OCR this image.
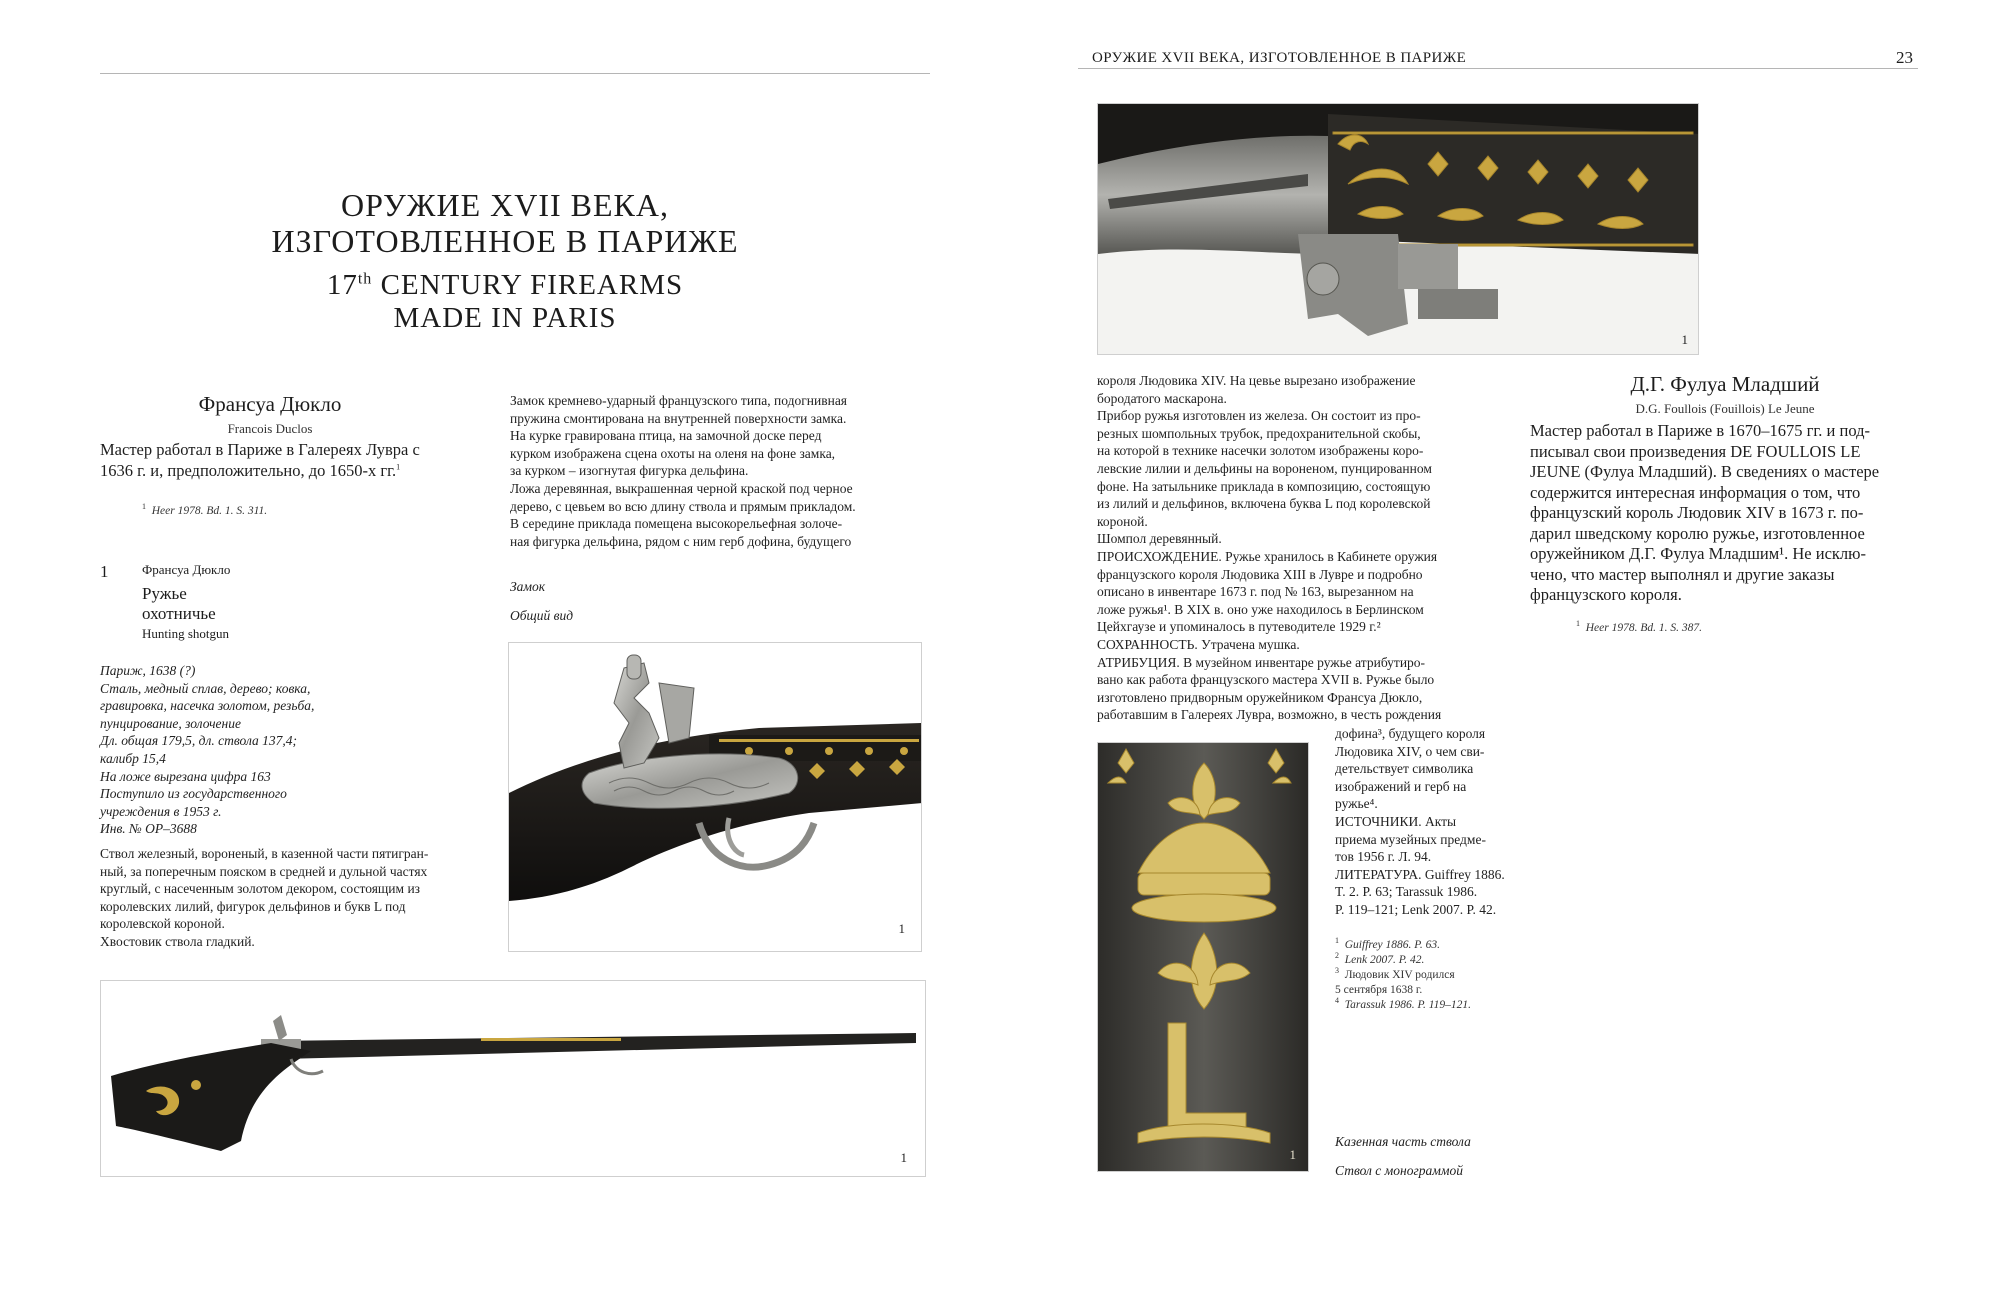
ОРУЖИЕ XVII ВЕКА, ИЗГОТОВЛЕННОЕ В ПАРИЖЕ	23
ОРУЖИЕ XVII ВЕКА,
ИЗГОТОВЛЕННОЕ В ПАРИЖЕ
17th CENTURY FIREARMS
MADE IN PARIS
Франсуа Дюкло
Francois Duclos
Мастер работал в Париже в Галереях Лувра с 1636 г. и, предположительно, до 1650-х гг.$^1$
$^1$ Heer 1978. Bd. 1. S. 311.
1	Франсуа Дюкло
Ружье
охотничье
Hunting shotgun
Париж, 1638 (?)
Сталь, медный сплав, дерево; ковка,
гравировка, насечка золотом, резьба,
пунцирование, золочение
Дл. общая 179,5, дл. ствола 137,4;
калибр 15,4
На ложе вырезана цифра 163
Поступило из государственного
учреждения в 1953 г.
Инв. № ОР–3688
Ствол железный, вороненый, в казенной части пятигран-
ный, за поперечным пояском в средней и дульной частях
круглый, с насеченным золотом декором, состоящим из
королевских лилий, фигурок дельфинов и букв L под
королевской короной.
Хвостовик ствола гладкий.
Замок кремнево-ударный французского типа, подогнивная
пружина смонтирована на внутренней поверхности замка.
На курке гравирована птица, на замочной доске перед
курком изображена сцена охоты на оленя на фоне замка,
за курком – изогнутая фигурка дельфина.
Ложа деревянная, выкрашенная черной краской под черное
дерево, с цевьем во всю длину ствола и прямым прикладом.
В середине приклада помещена высокорельефная золоче-
ная фигурка дельфина, рядом с ним герб дофина, будущего
Замок
Общий вид
1
1
1
короля Людовика XIV. На цевье вырезано изображение
бородатого маскарона.
Прибор ружья изготовлен из железа. Он состоит из про-
резных шомпольных трубок, предохранительной скобы,
на которой в технике насечки золотом изображены коро-
левские лилии и дельфины на вороненом, пунцированном
фоне. На затыльнике приклада в композицию, состоящую
из лилий и дельфинов, включена буква L под королевской
короной.
Шомпол деревянный.
ПРОИСХОЖДЕНИЕ. Ружье хранилось в Кабинете оружия
французского короля Людовика XIII в Лувре и подробно
описано в инвентаре 1673 г. под № 163, вырезанном на
ложе ружья¹. В XIX в. оно уже находилось в Берлинском
Цейхгаузе и упоминалось в путеводителе 1929 г.²
СОХРАННОСТЬ. Утрачена мушка.
АТРИБУЦИЯ. В музейном инвентаре ружье атрибутиро-
вано как работа французского мастера XVII в. Ружье было
изготовлено придворным оружейником Франсуа Дюкло,
работавшим в Галереях Лувра, возможно, в честь рождения
1
дофина³, будущего короля
Людовика XIV, о чем сви-
детельствует символика
изображений и герб на
ружье⁴.
ИСТОЧНИКИ. Акты
приема музейных предме-
тов 1956 г. Л. 94.
ЛИТЕРАТУРА. Guiffrey 1886.
T. 2. P. 63; Tarassuk 1986.
P. 119–121; Lenk 2007. P. 42.
$^1$ Guiffrey 1886. P. 63.
$^2$ Lenk 2007. P. 42.
$^3$ Людовик XIV родился
5 сентября 1638 г.
$^4$ Tarassuk 1986. P. 119–121.
Казенная часть ствола
Ствол с монограммой
Д.Г. Фулуа Младший
D.G. Foullois (Fouillois) Le Jeune
Мастер работал в Париже в 1670–1675 гг. и под-
писывал свои произведения DE FOULLOIS LE
JEUNE (Фулуа Младший). В сведениях о мастере
содержится интересная информация о том, что
французский король Людовик XIV в 1673 г. по-
дарил шведскому королю ружье, изготовленное
оружейником Д.Г. Фулуа Младшим¹. Не исклю-
чено, что мастер выполнял и другие заказы
французского короля.
$^1$ Heer 1978. Bd. 1. S. 387.
